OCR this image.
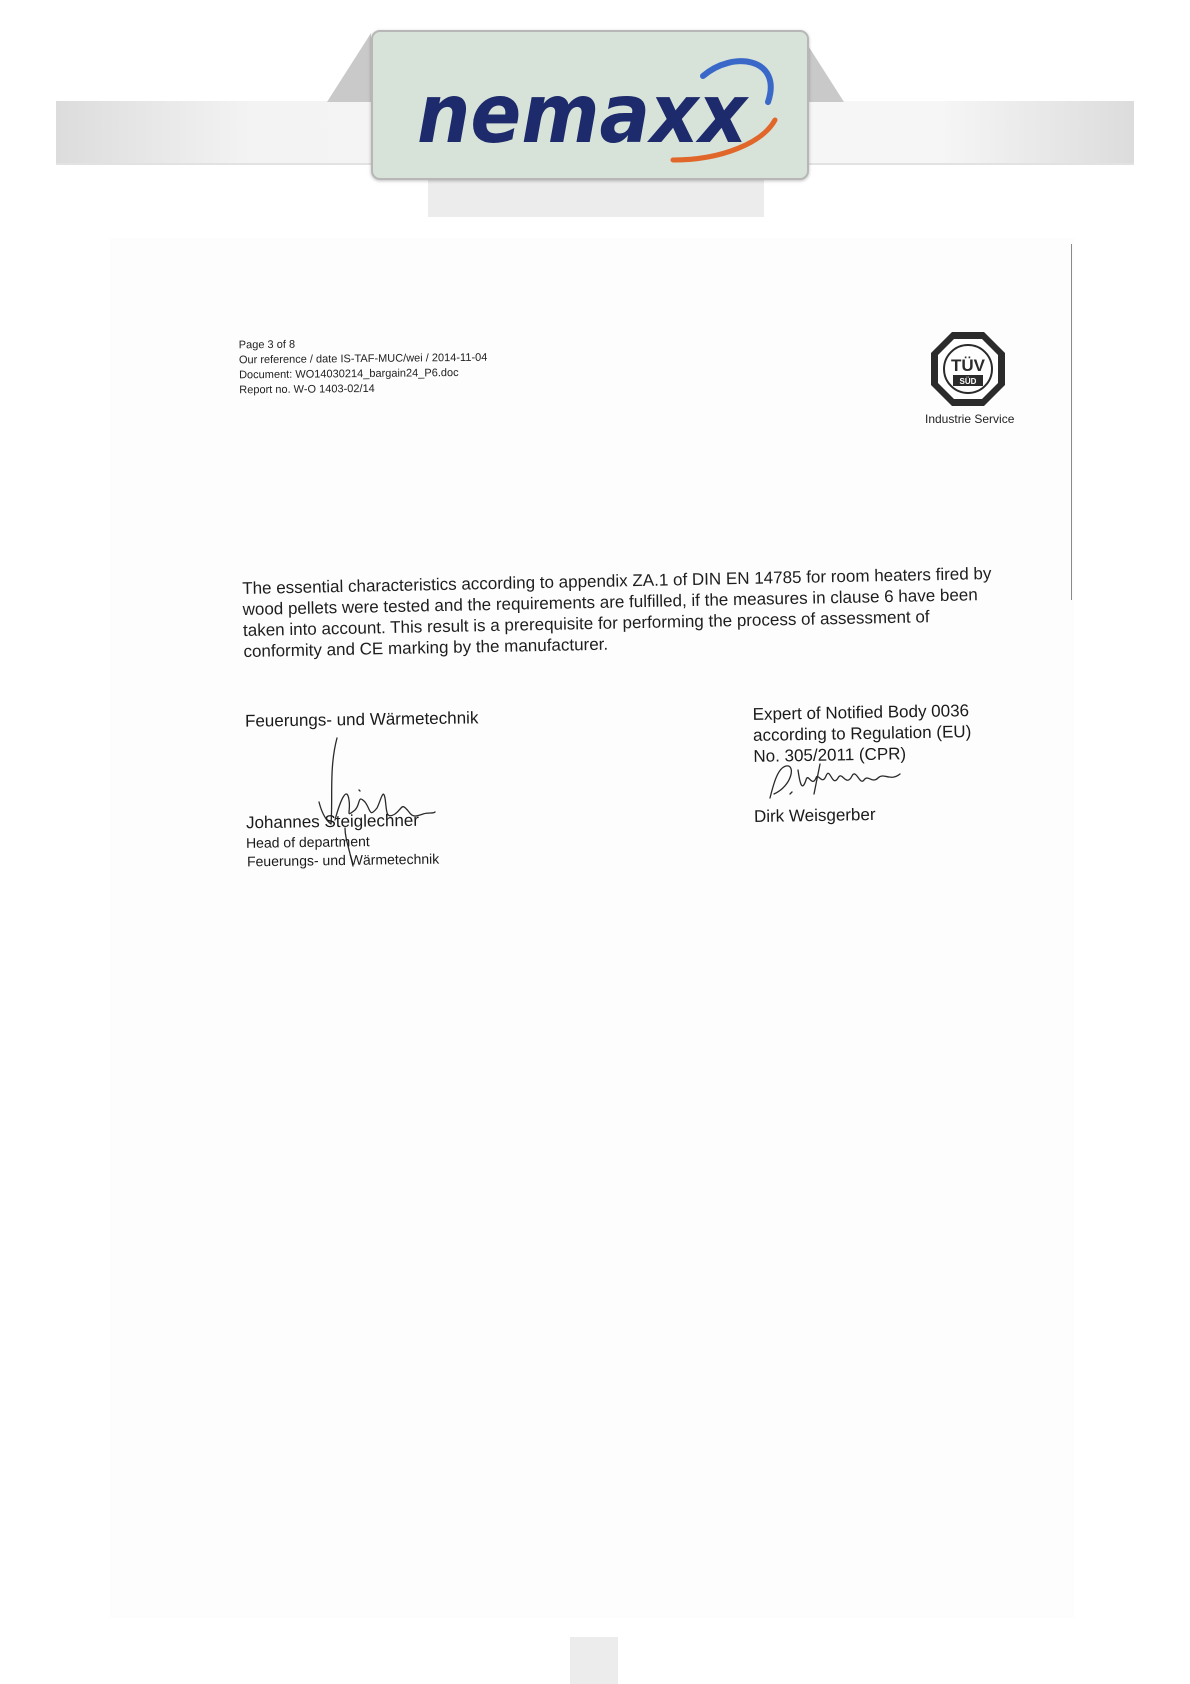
nemaxx
Page 3 of 8
Our reference / date IS-TAF-MUC/wei / 2014-11-04
Document: WO14030214_bargain24_P6.doc
Report no. W-O 1403-02/14
TÜV
SÜD
Industrie Service
The essential characteristics according to appendix ZA.1 of DIN EN 14785 for room heaters fired by wood pellets were tested and the requirements are fulfilled, if the measures in clause 6 have been taken into account. This result is a prerequisite for performing the process of assessment of conformity and CE marking by the manufacturer.
Feuerungs- und Wärmetechnik
Johannes Steiglechner
Head of department
Feuerungs- und Wärmetechnik
Expert of Notified Body 0036
according to Regulation (EU)
No. 305/2011 (CPR)
Dirk Weisgerber
